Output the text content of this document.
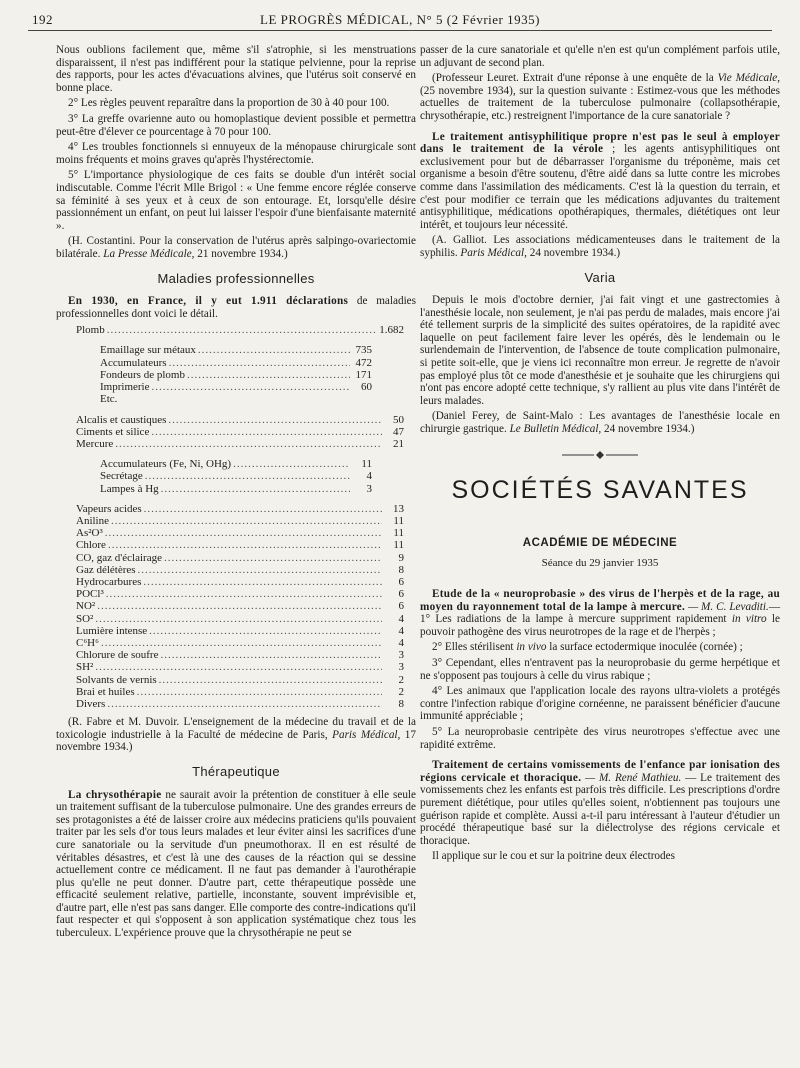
192	LE PROGRÈS MÉDICAL, N° 5 (2 Février 1935)

Nous oublions facilement que, même s'il s'atrophie, si les menstruations disparaissent, il n'est pas indifférent pour la statique pelvienne, pour la reprise des rapports, pour les actes d'évacuations alvines, que l'utérus soit conservé en bonne place.

2° Les règles peuvent reparaître dans la proportion de 30 à 40 pour 100.

3° La greffe ovarienne auto ou homoplastique devient possible et permettra peut-être d'élever ce pourcentage à 70 pour 100.

4° Les troubles fonctionnels si ennuyeux de la ménopause chirurgicale sont moins fréquents et moins graves qu'après l'hystérectomie.

5° L'importance physiologique de ces faits se double d'un intérêt social indiscutable. Comme l'écrit Mlle Brigol : « Une femme encore réglée conserve sa féminité à ses yeux et à ceux de son entourage. Et, lorsqu'elle désire passionnément un enfant, on peut lui laisser l'espoir d'une bienfaisante maternité ».

(H. Costantini. Pour la conservation de l'utérus après salpingo-ovariectomie bilatérale. La Presse Médicale, 21 novembre 1934.)

Maladies professionnelles

En 1930, en France, il y eut 1.911 déclarations de maladies professionnelles dont voici le détail.

Plomb .....	1.682
Emaillage sur métaux .....	735
Accumulateurs .....	472
Fondeurs de plomb .....	171
Imprimerie .....	60
Etc.
Alcalis et caustiques .....	50
Ciments et silice .....	47
Mercure .....	21
Accumulateurs (Fe, Ni, OHg) .....	11
Secrétage .....	4
Lampes à Hg .....	3
Vapeurs acides .....	13
Aniline .....	11
As²O³ .....	11
Chlore .....	11
CO, gaz d'éclairage .....	9
Gaz délétères .....	8
Hydrocarbures .....	6
POCl³ .....	6
NO² .....	6
SO² .....	4
Lumière intense .....	4
C⁶H⁶ .....	4
Chlorure de soufre .....	3
SH² .....	3
Solvants de vernis .....	2
Brai et huiles .....	2
Divers .....	8

(R. Fabre et M. Duvoir. L'enseignement de la médecine du travail et de la toxicologie industrielle à la Faculté de médecine de Paris, Paris Médical, 17 novembre 1934.)

Thérapeutique

La chrysothérapie ne saurait avoir la prétention de constituer à elle seule un traitement suffisant de la tuberculose pulmonaire. Une des grandes erreurs de ses protagonistes a été de laisser croire aux médecins praticiens qu'ils pouvaient traiter par les sels d'or tous leurs malades et leur éviter ainsi les sacrifices d'une cure sanatoriale ou la servitude d'un pneumothorax. Il en est résulté de véritables désastres, et c'est là une des causes de la réaction qui se dessine actuellement contre ce médicament. Il ne faut pas demander à l'aurothérapie plus qu'elle ne peut donner. D'autre part, cette thérapeutique possède une efficacité seulement relative, partielle, inconstante, souvent imprévisible et, d'autre part, elle n'est pas sans danger. Elle comporte des contre-indications qu'il faut respecter et qui s'opposent à son application systématique chez tous les tuberculeux. L'expérience prouve que la chrysothérapie ne peut se

passer de la cure sanatoriale et qu'elle n'en est qu'un complément parfois utile, un adjuvant de second plan.

(Professeur Leuret. Extrait d'une réponse à une enquête de la Vie Médicale, (25 novembre 1934), sur la question suivante : Estimez-vous que les méthodes actuelles de traitement de la tuberculose pulmonaire (collapsothérapie, chrysothérapie, etc.) restreignent l'importance de la cure sanatoriale ?

Le traitement antisyphilitique propre n'est pas le seul à employer dans le traitement de la vérole ; les agents antisyphilitiques ont exclusivement pour but de débarrasser l'organisme du tréponème, mais cet organisme a besoin d'être soutenu, d'être aidé dans sa lutte contre les microbes comme dans l'assimilation des médicaments. C'est là la question du terrain, et c'est pour modifier ce terrain que les médications adjuvantes du traitement antisyphilitique, médications opothérapiques, thermales, diététiques ont leur intérêt, et toujours leur nécessité.

(A. Galliot. Les associations médicamenteuses dans le traitement de la syphilis. Paris Médical, 24 novembre 1934.)

Varia

Depuis le mois d'octobre dernier, j'ai fait vingt et une gastrectomies à l'anesthésie locale, non seulement, je n'ai pas perdu de malades, mais encore j'ai été tellement surpris de la simplicité des suites opératoires, de la rapidité avec laquelle on peut facilement faire lever les opérés, dès le lendemain ou le surlendemain de l'intervention, de l'absence de toute complication pulmonaire, si petite soit-elle, que je viens ici reconnaître mon erreur. Je regrette de n'avoir pas employé plus tôt ce mode d'anesthésie et je souhaite que les chirurgiens qui n'ont pas encore adopté cette technique, s'y rallient au plus vite dans l'intérêt de leurs malades.

(Daniel Ferey, de Saint-Malo : Les avantages de l'anesthésie locale en chirurgie gastrique. Le Bulletin Médical, 24 novembre 1934.)

SOCIÉTÉS SAVANTES
ACADÉMIE DE MÉDECINE
Séance du 29 janvier 1935

Etude de la « neuroprobasie » des virus de l'herpès et de la rage, au moyen du rayonnement total de la lampe à mercure. — M. C. Levaditi.— 1° Les radiations de la lampe à mercure suppriment rapidement in vitro le pouvoir pathogène des virus neurotropes de la rage et de l'herpès ;

2° Elles stérilisent in vivo la surface ectodermique inoculée (cornée) ;

3° Cependant, elles n'entravent pas la neuroprobasie du germe herpétique et ne s'opposent pas toujours à celle du virus rabique ;

4° Les animaux que l'application locale des rayons ultra-violets a protégés contre l'infection rabique d'origine cornéenne, ne paraissent bénéficier d'aucune immunité appréciable ;

5° La neuroprobasie centripète des virus neurotropes s'effectue avec une rapidité extrême.

Traitement de certains vomissements de l'enfance par ionisation des régions cervicale et thoracique. — M. René Mathieu. — Le traitement des vomissements chez les enfants est parfois très difficile. Les prescriptions d'ordre purement diététique, pour utiles qu'elles soient, n'obtiennent pas toujours une guérison rapide et complète. Aussi a-t-il paru intéressant à l'auteur d'étudier un procédé thérapeutique basé sur la diélectrolyse des régions cervicale et thoracique.

Il applique sur le cou et sur la poitrine deux électrodes
